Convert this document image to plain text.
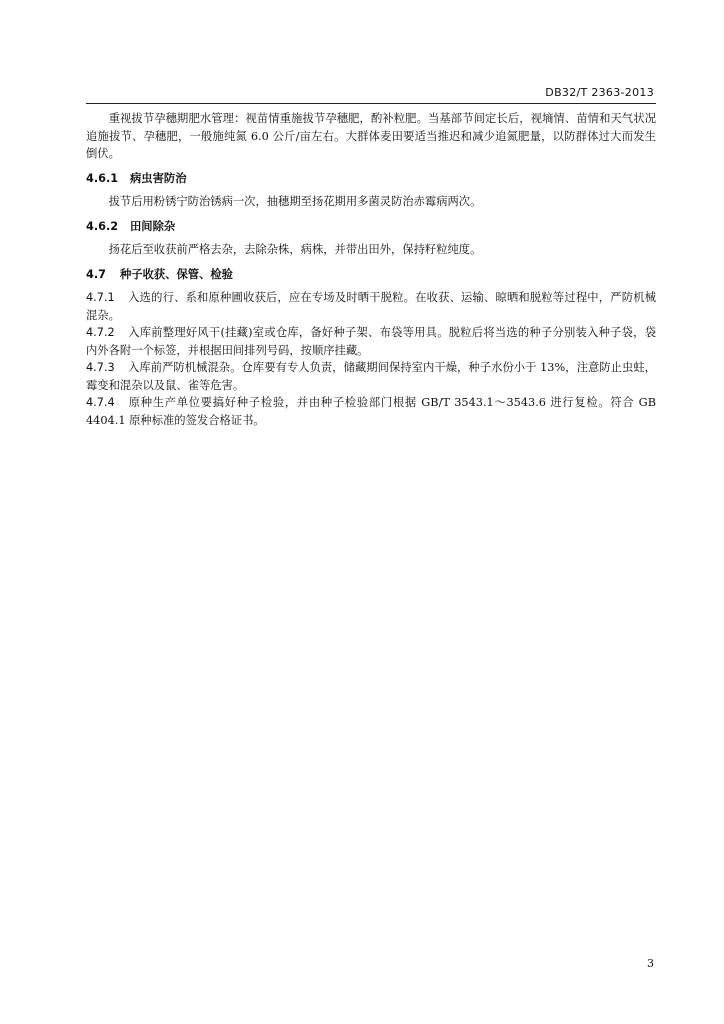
DB32/T 2363-2013

重视拔节孕穗期肥水管理：视苗情重施拔节孕穗肥，酌补粒肥。当基部节间定长后，视墒情、苗情和天气状况追施拔节、孕穗肥，一般施纯氮 6.0 公斤/亩左右。大群体麦田要适当推迟和减少追氮肥量，以防群体过大而发生倒伏。

4.6.1 病虫害防治

拔节后用粉锈宁防治锈病一次，抽穗期至扬花期用多菌灵防治赤霉病两次。

4.6.2 田间除杂

扬花后至收获前严格去杂，去除杂株，病株，并带出田外，保持籽粒纯度。

4.7 种子收获、保管、检验

4.7.1 入选的行、系和原种圃收获后，应在专场及时晒干脱粒。在收获、运输、晾晒和脱粒等过程中，严防机械混杂。

4.7.2 入库前整理好风干(挂藏)室或仓库，备好种子架、布袋等用具。脱粒后将当选的种子分别装入种子袋，袋内外各附一个标签，并根据田间排列号码，按顺序挂藏。

4.7.3 入库前严防机械混杂。仓库要有专人负责，储藏期间保持室内干燥，种子水份小于 13%，注意防止虫蛀，霉变和混杂以及鼠、雀等危害。

4.7.4 原种生产单位要搞好种子检验，并由种子检验部门根据 GB/T 3543.1～3543.6 进行复检。符合 GB 4404.1 原种标准的签发合格证书。

3
